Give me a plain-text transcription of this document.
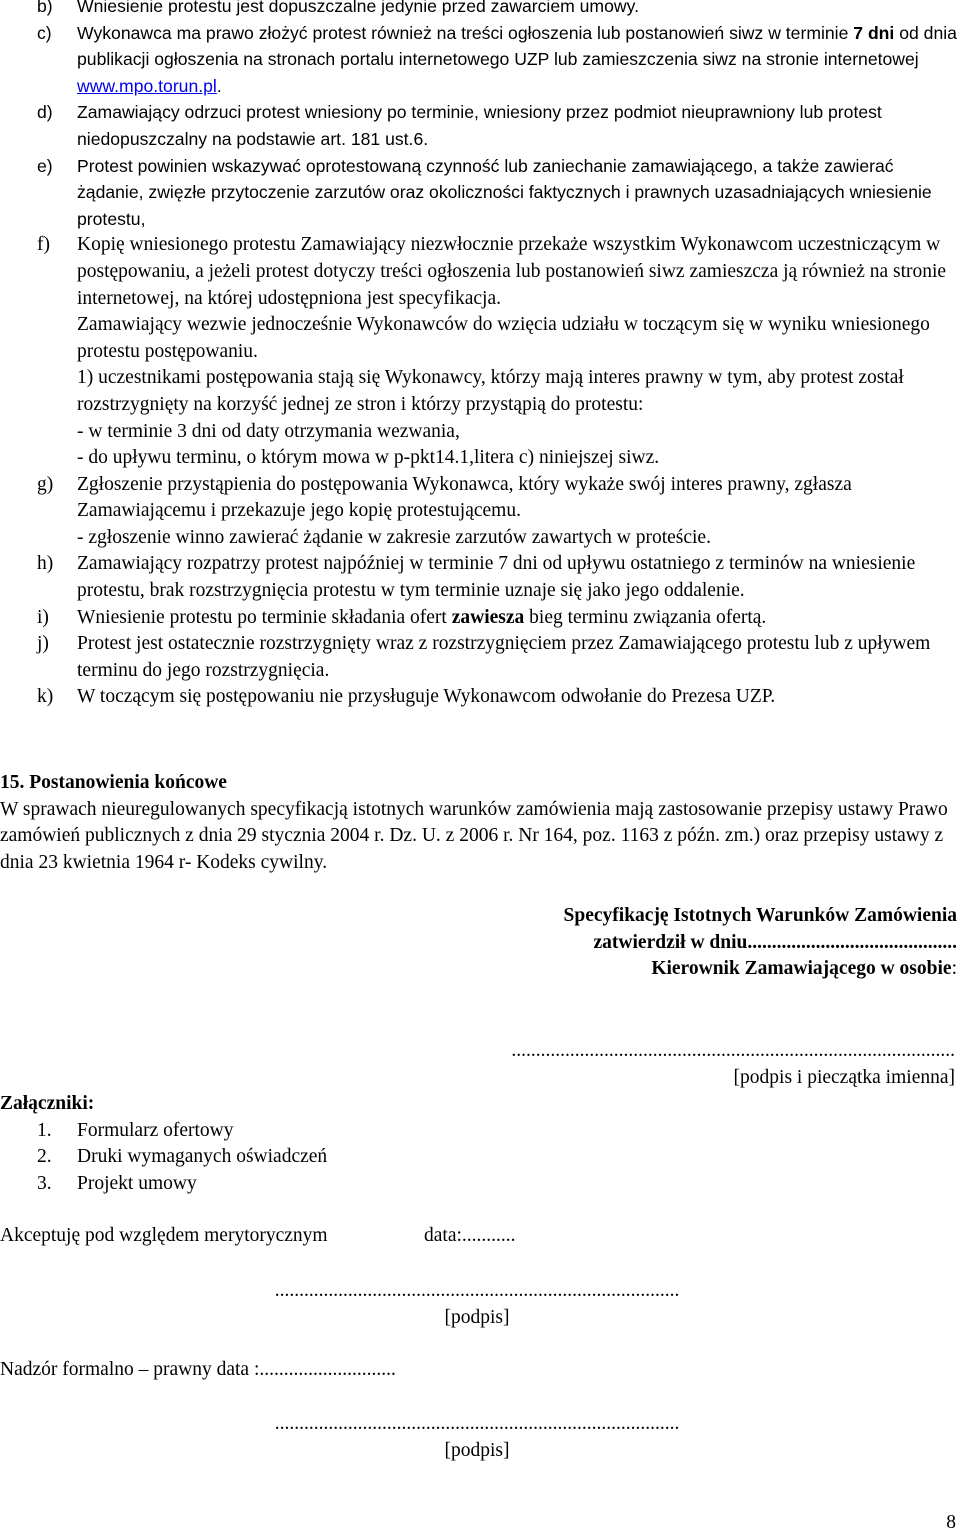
b) Wniesienie protestu jest dopuszczalne jedynie przed zawarciem umowy.
c) Wykonawca ma prawo złożyć protest również na treści ogłoszenia lub postanowień siwz w terminie 7 dni od dnia publikacji ogłoszenia na stronach portalu internetowego UZP lub zamieszczenia siwz na stronie internetowej www.mpo.torun.pl.
d) Zamawiający odrzuci protest wniesiony po terminie, wniesiony przez podmiot nieuprawniony lub protest niedopuszczalny na podstawie art. 181 ust.6.
e) Protest powinien wskazywać oprotestowaną czynność lub zaniechanie zamawiającego, a także zawierać żądanie, zwięzłe przytoczenie zarzutów oraz okoliczności faktycznych i prawnych uzasadniających wniesienie protestu,
f) Kopię wniesionego protestu Zamawiający niezwłocznie przekaże wszystkim Wykonawcom uczestniczącym w postępowaniu, a jeżeli protest dotyczy treści ogłoszenia lub postanowień siwz zamieszcza ją również na stronie internetowej, na której udostępniona jest specyfikacja.
Zamawiający wezwie jednocześnie Wykonawców do wzięcia udziału w toczącym się w wyniku wniesionego protestu postępowaniu.
1) uczestnikami postępowania stają się Wykonawcy, którzy mają interes prawny w tym, aby protest został rozstrzygnięty na korzyść jednej ze stron i którzy przystąpią do protestu:
- w terminie 3 dni od daty otrzymania wezwania,
- do upływu terminu, o którym mowa w p-pkt14.1,litera c) niniejszej siwz.
g) Zgłoszenie przystąpienia do postępowania Wykonawca, który wykaże swój interes prawny, zgłasza Zamawiającemu i przekazuje jego kopię protestującemu.
- zgłoszenie winno zawierać żądanie w zakresie zarzutów zawartych w proteście.
h) Zamawiający rozpatrzy protest najpóźniej w terminie 7 dni od upływu ostatniego z terminów na wniesienie protestu, brak rozstrzygnięcia protestu w tym terminie uznaje się jako jego oddalenie.
i) Wniesienie protestu po terminie składania ofert zawiesza bieg terminu związania ofertą.
j) Protest jest ostatecznie rozstrzygnięty wraz z rozstrzygnięciem przez Zamawiającego protestu lub z upływem terminu do jego rozstrzygnięcia.
k) W toczącym się postępowaniu nie przysługuje Wykonawcom odwołanie do Prezesa UZP.
15. Postanowienia końcowe
W sprawach nieuregulowanych specyfikacją istotnych warunków zamówienia mają zastosowanie przepisy ustawy Prawo zamówień publicznych z dnia 29 stycznia 2004 r. Dz. U. z 2006 r. Nr 164, poz. 1163 z późn. zm.) oraz przepisy ustawy z dnia 23 kwietnia 1964 r- Kodeks cywilny.
Specyfikację Istotnych Warunków Zamówienia
zatwierdził w dniu...........................................
Kierownik Zamawiającego w osobie:
...........................................................................................
[podpis i pieczątka imienna]
Załączniki:
1. Formularz ofertowy
2. Druki wymaganych oświadczeń
3. Projekt umowy
Akceptuję pod względem merytorycznym	data:...........
...................................................................................
[podpis]
Nadzór formalno – prawny data :............................
...................................................................................
[podpis]
8
